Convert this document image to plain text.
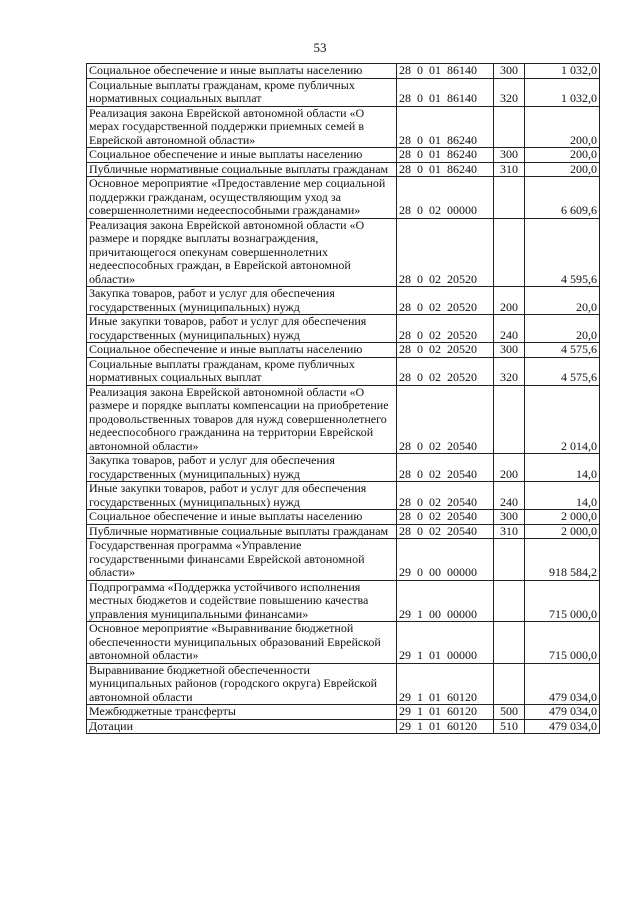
53
Социальное обеспечение и иные выплаты населению	28 0 01 86140	300	1 032,0
Социальные выплаты гражданам, кроме публичных нормативных социальных выплат	28 0 01 86140	320	1 032,0
Реализация закона Еврейской автономной области «О мерах государственной поддержки приемных семей в Еврейской автономной области»	28 0 01 86240		200,0
Социальное обеспечение и иные выплаты населению	28 0 01 86240	300	200,0
Публичные нормативные социальные выплаты гражданам	28 0 01 86240	310	200,0
Основное мероприятие «Предоставление мер социальной поддержки гражданам, осуществляющим уход за совершеннолетними недееспособными гражданами»	28 0 02 00000		6 609,6
Реализация закона Еврейской автономной области «О размере и порядке выплаты вознаграждения, причитающегося опекунам совершеннолетних недееспособных граждан, в Еврейской автономной области»	28 0 02 20520		4 595,6
Закупка товаров, работ и услуг для обеспечения государственных (муниципальных) нужд	28 0 02 20520	200	20,0
Иные закупки товаров, работ и услуг для обеспечения государственных (муниципальных) нужд	28 0 02 20520	240	20,0
Социальное обеспечение и иные выплаты населению	28 0 02 20520	300	4 575,6
Социальные выплаты гражданам, кроме публичных нормативных социальных выплат	28 0 02 20520	320	4 575,6
Реализация закона Еврейской автономной области «О размере и порядке выплаты компенсации на приобретение продовольственных товаров для нужд совершеннолетнего недееспособного гражданина на территории Еврейской автономной области»	28 0 02 20540		2 014,0
Закупка товаров, работ и услуг для обеспечения государственных (муниципальных) нужд	28 0 02 20540	200	14,0
Иные закупки товаров, работ и услуг для обеспечения государственных (муниципальных) нужд	28 0 02 20540	240	14,0
Социальное обеспечение и иные выплаты населению	28 0 02 20540	300	2 000,0
Публичные нормативные социальные выплаты гражданам	28 0 02 20540	310	2 000,0
Государственная программа «Управление государственными финансами Еврейской автономной области»	29 0 00 00000		918 584,2
Подпрограмма «Поддержка устойчивого исполнения местных бюджетов и содействие повышению качества управления муниципальными финансами»	29 1 00 00000		715 000,0
Основное мероприятие «Выравнивание бюджетной обеспеченности муниципальных образований Еврейской автономной области»	29 1 01 00000		715 000,0
Выравнивание бюджетной обеспеченности муниципальных районов (городского округа) Еврейской автономной области	29 1 01 60120		479 034,0
Межбюджетные трансферты	29 1 01 60120	500	479 034,0
Дотации	29 1 01 60120	510	479 034,0
